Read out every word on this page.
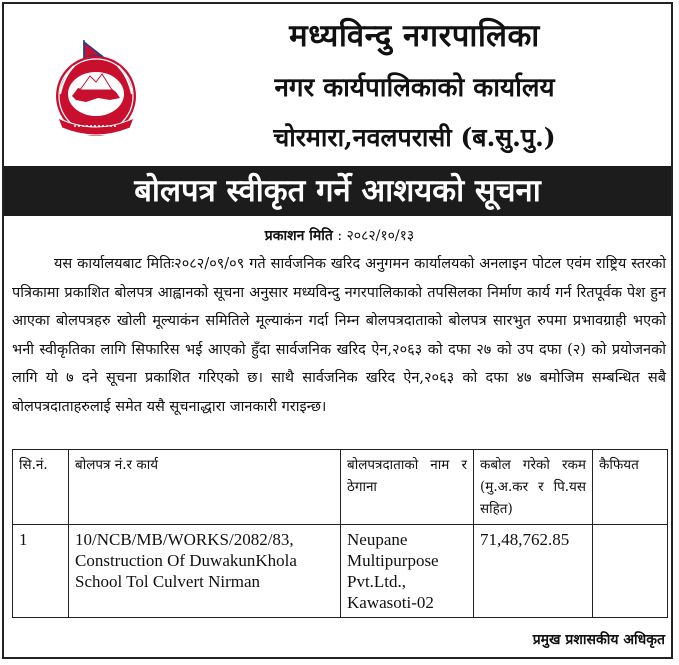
मध्यविन्दु नगरपालिका
नगर कार्यपालिकाको कार्यालय
चोरमारा,नवलपरासी (ब.सु.पु.)
बोलपत्र स्वीकृत गर्ने आशयको सूचना
प्रकाशन मिति : २०८२/१०/१३
यस कार्यालयबाट मितिः२०८२/०९/०९ गते सार्वजनिक खरिद अनुगमन कार्यालयको अनलाइन पोटल एवंम राष्ट्रिय स्तरको पत्रिकामा प्रकाशित बोलपत्र आह्वानको सूचना अनुसार मध्यविन्दु नगरपालिकाको तपसिलका निर्माण कार्य गर्न रितपूर्वक पेश हुन आएका बोलपत्रहरु खोली मूल्याकंन समितिले मूल्याकंन गर्दा निम्न बोलपत्रदाताको बोलपत्र सारभुत रुपमा प्रभावग्राही भएको भनी स्वीकृतिका लागि सिफारिस भई आएको हुँदा सार्वजनिक खरिद ऐन,२०६३ को दफा २७ को उप दफा (२) को प्रयोजनको लागि यो ७ दने सूचना प्रकाशित गरिएको छ। साथै सार्वजनिक खरिद ऐन,२०६३ को दफा ४७ बमोजिम सम्बन्धित सबै बोलपत्रदाताहरुलाई समेत यसै सूचनाद्धारा जानकारी गराइन्छ।
सि.नं.	बोलपत्र नं.र कार्य	बोलपत्रदाताको नाम र ठेगाना	कबोल गरेको रकम (मु.अ.कर र पि.यस सहित)	कैफियत
1	10/NCB/MB/WORKS/2082/83, Construction Of DuwakunKhola School Tol Culvert Nirman	Neupane Multipurpose Pvt.Ltd., Kawasoti-02	71,48,762.85	
प्रमुख प्रशासकीय अधिकृत
